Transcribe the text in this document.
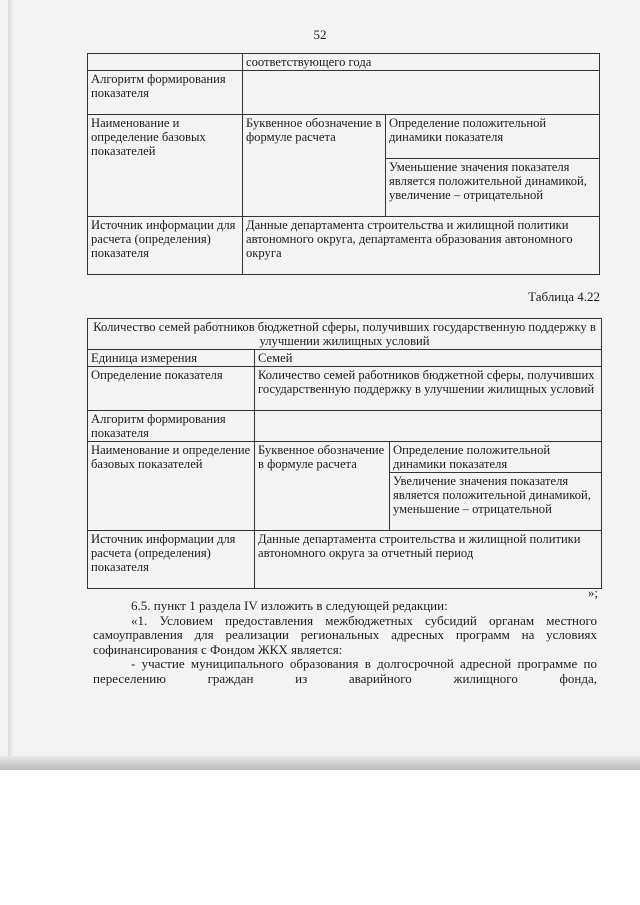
52
	соответствующего года	
Алгоритм формирования показателя		
Наименование и определение базовых показателей	Буквенное обозначение в формуле расчета	Определение положительной динамики показателя
		Уменьшение значения показателя является положительной динамикой, увеличение – отрицательной
Источник информации для расчета (определения) показателя	Данные департамента строительства и жилищной политики автономного округа, департамента образования автономного округа	
Таблица 4.22
Количество семей работников бюджетной сферы, получивших государственную поддержку в улучшении жилищных условий		
Единица измерения	Семей	
Определение показателя	Количество семей работников бюджетной сферы, получивших государственную поддержку в улучшении жилищных условий	
Алгоритм формирования показателя		
Наименование и определение базовых показателей	Буквенное обозначение в формуле расчета	Определение положительной динамики показателя
		Увеличение значения показателя является положительной динамикой, уменьшение – отрицательной
Источник информации для расчета (определения) показателя	Данные департамента строительства и жилищной политики автономного округа за отчетный период	
»;

6.5. пункт 1 раздела IV изложить в следующей редакции:

«1. Условием предоставления межбюджетных субсидий органам местного самоуправления для реализации региональных адресных программ на условиях софинансирования с Фондом ЖКХ является:

- участие муниципального образования в долгосрочной адресной программе по переселению граждан из аварийного жилищного фонда,
